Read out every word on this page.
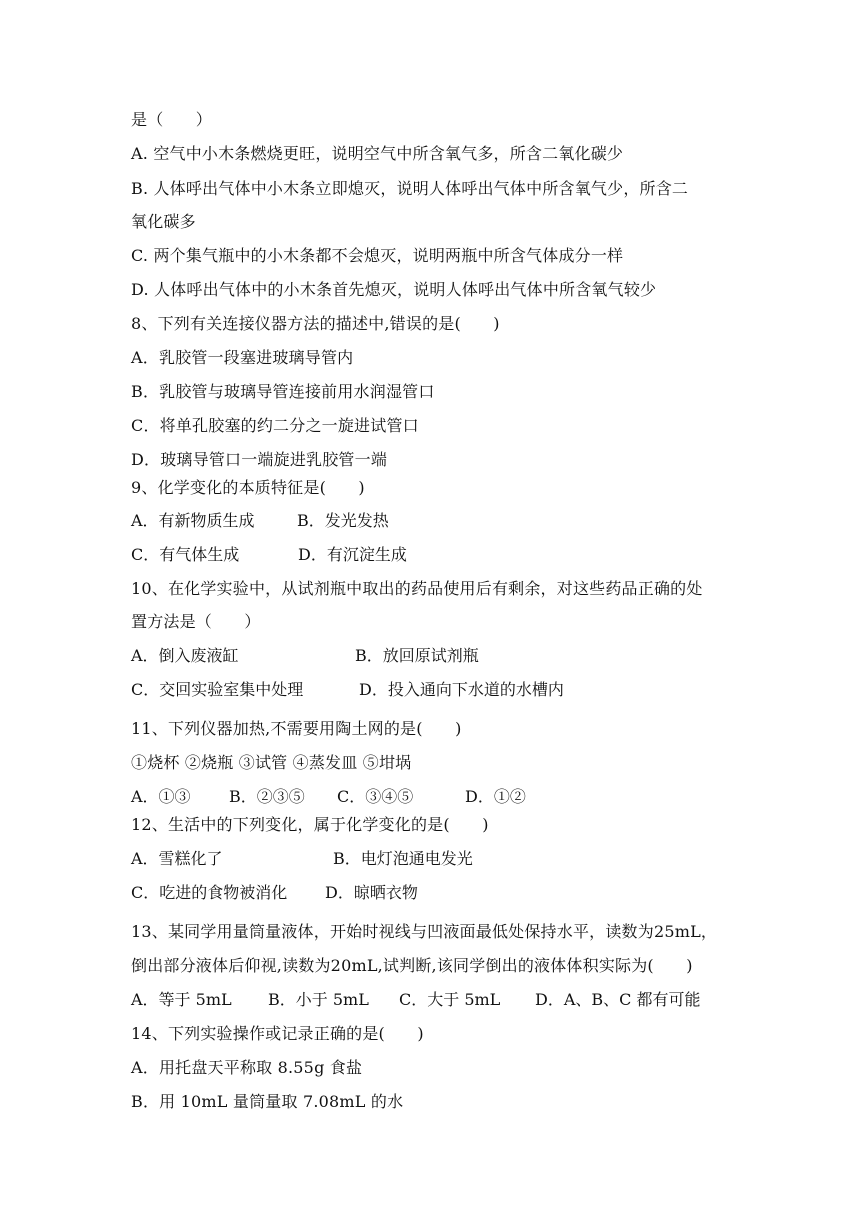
是（　　）
A. 空气中小木条燃烧更旺，说明空气中所含氧气多，所含二氧化碳少
B. 人体呼出气体中小木条立即熄灭，说明人体呼出气体中所含氧气少，所含二
氧化碳多
C. 两个集气瓶中的小木条都不会熄灭，说明两瓶中所含气体成分一样
D. 人体呼出气体中的小木条首先熄灭，说明人体呼出气体中所含氧气较少
8、下列有关连接仪器方法的描述中,错误的是(　　)
A．乳胶管一段塞进玻璃导管内
B．乳胶管与玻璃导管连接前用水润湿管口
C．将单孔胶塞的约二分之一旋进试管口
D．玻璃导管口一端旋进乳胶管一端
9、化学变化的本质特征是(　　)

A．有新物质生成

	B．发光发热

C．有气体生成

	D．有沉淀生成

10、在化学实验中，从试剂瓶中取出的药品使用后有剩余，对这些药品正确的处
置方法是（　　）

A．倒入废液缸

	B．放回原试剂瓶

C．交回实验室集中处理

	D．投入通向下水道的水槽内

11、下列仪器加热,不需要用陶土网的是(　　)
①烧杯 ②烧瓶 ③试管 ④蒸发皿 ⑤坩埚

A．①③

B．②③⑤

C．③④⑤

	D．①②

12、生活中的下列变化，属于化学变化的是(　　)

A．雪糕化了

	B．电灯泡通电发光

C．吃进的食物被消化

D．晾晒衣物

13、某同学用量筒量液体，开始时视线与凹液面最低处保持水平，读数为25mL，
倒出部分液体后仰视,读数为20mL,试判断,该同学倒出的液体体积实际为(　　)

A．等于 5mL

B．小于 5mL

C．大于 5mL

D．A、B、C 都有可能

14、下列实验操作或记录正确的是(　　)
A．用托盘天平称取 8.55g 食盐
B．用 10mL 量筒量取 7.08mL 的水
